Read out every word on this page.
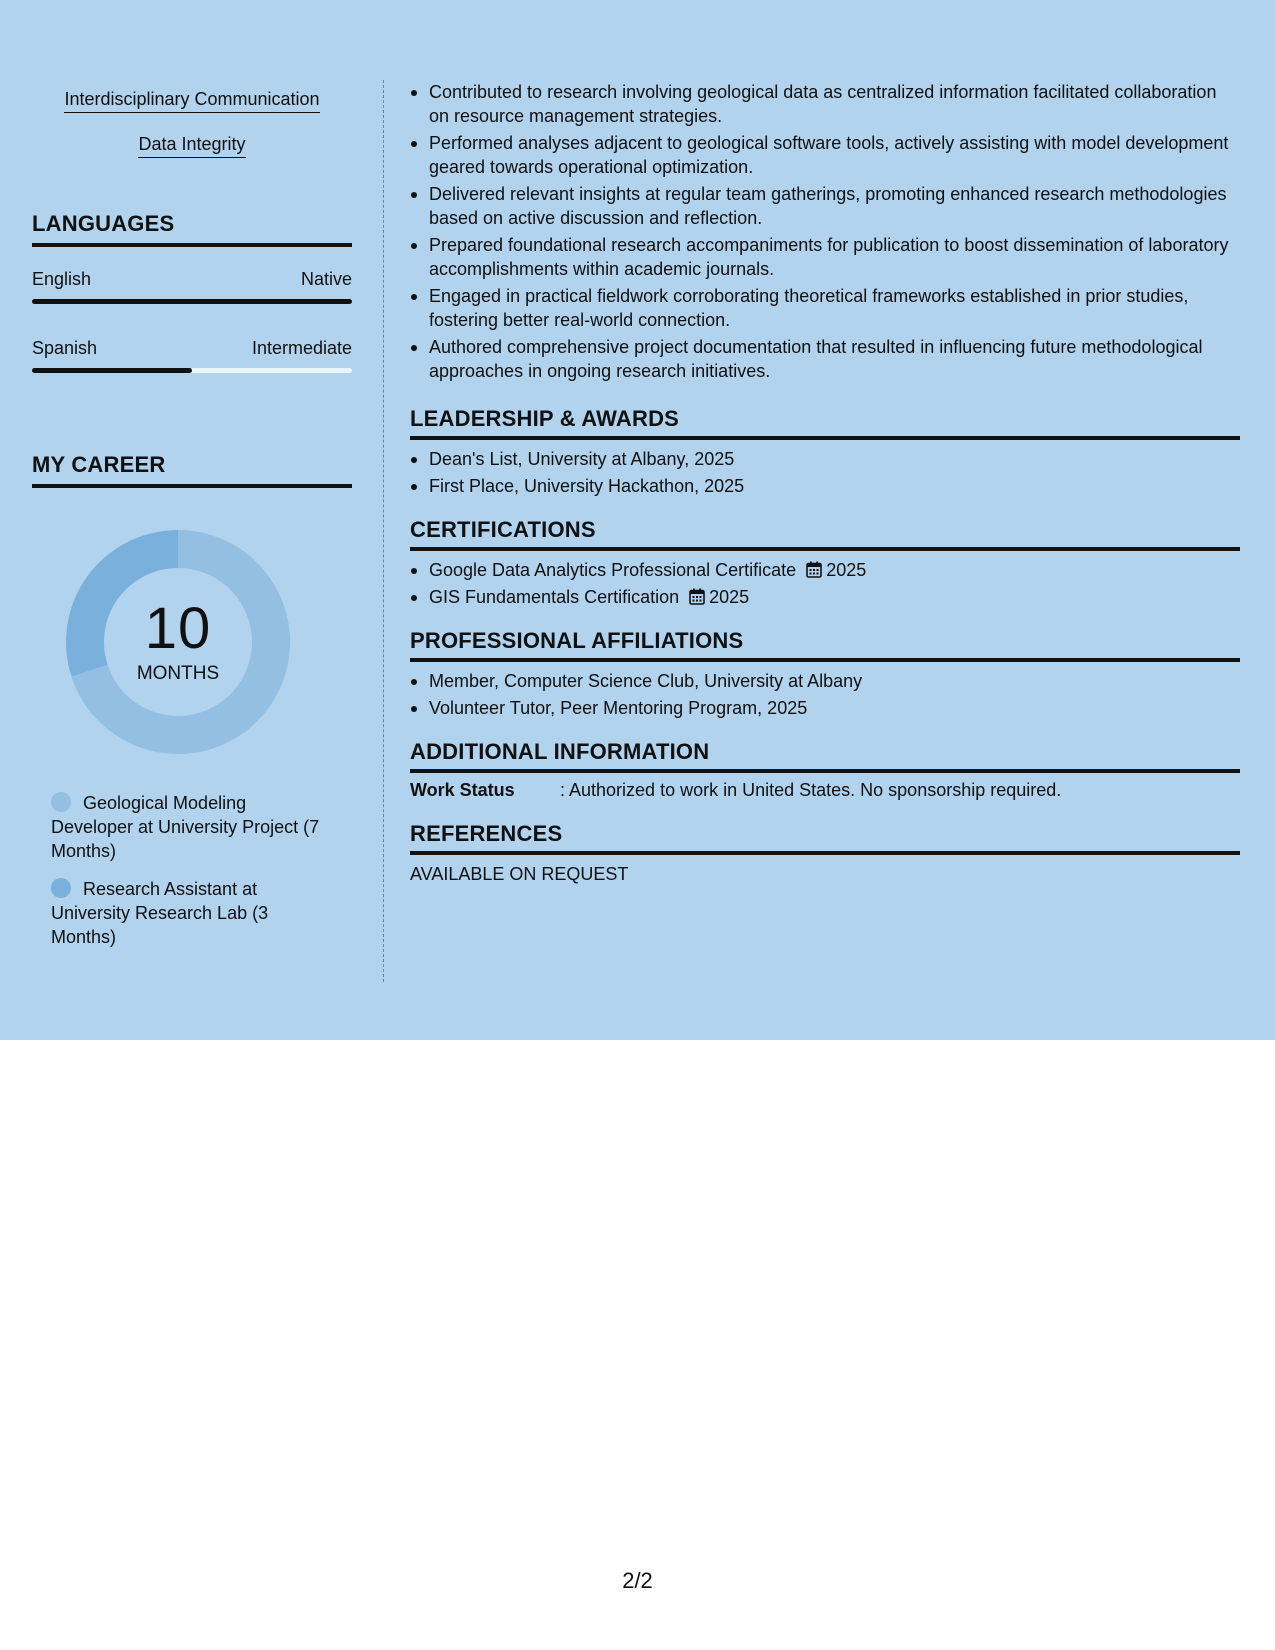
Interdisciplinary Communication
Data Integrity
LANGUAGES
English	Native
Spanish	Intermediate
MY CAREER
10
MONTHS
Geological Modeling Developer at University Project (7 Months)
Research Assistant at University Research Lab (3 Months)
Contributed to research involving geological data as centralized information facilitated collaboration on resource management strategies.
Performed analyses adjacent to geological software tools, actively assisting with model development geared towards operational optimization.
Delivered relevant insights at regular team gatherings, promoting enhanced research methodologies based on active discussion and reflection.
Prepared foundational research accompaniments for publication to boost dissemination of laboratory accomplishments within academic journals.
Engaged in practical fieldwork corroborating theoretical frameworks established in prior studies, fostering better real-world connection.
Authored comprehensive project documentation that resulted in influencing future methodological approaches in ongoing research initiatives.
LEADERSHIP & AWARDS
Dean's List, University at Albany, 2025
First Place, University Hackathon, 2025
CERTIFICATIONS
Google Data Analytics Professional Certificate 2025
GIS Fundamentals Certification 2025
PROFESSIONAL AFFILIATIONS
Member, Computer Science Club, University at Albany
Volunteer Tutor, Peer Mentoring Program, 2025
ADDITIONAL INFORMATION
Work Status	: Authorized to work in United States. No sponsorship required.
REFERENCES
AVAILABLE ON REQUEST
2/2
